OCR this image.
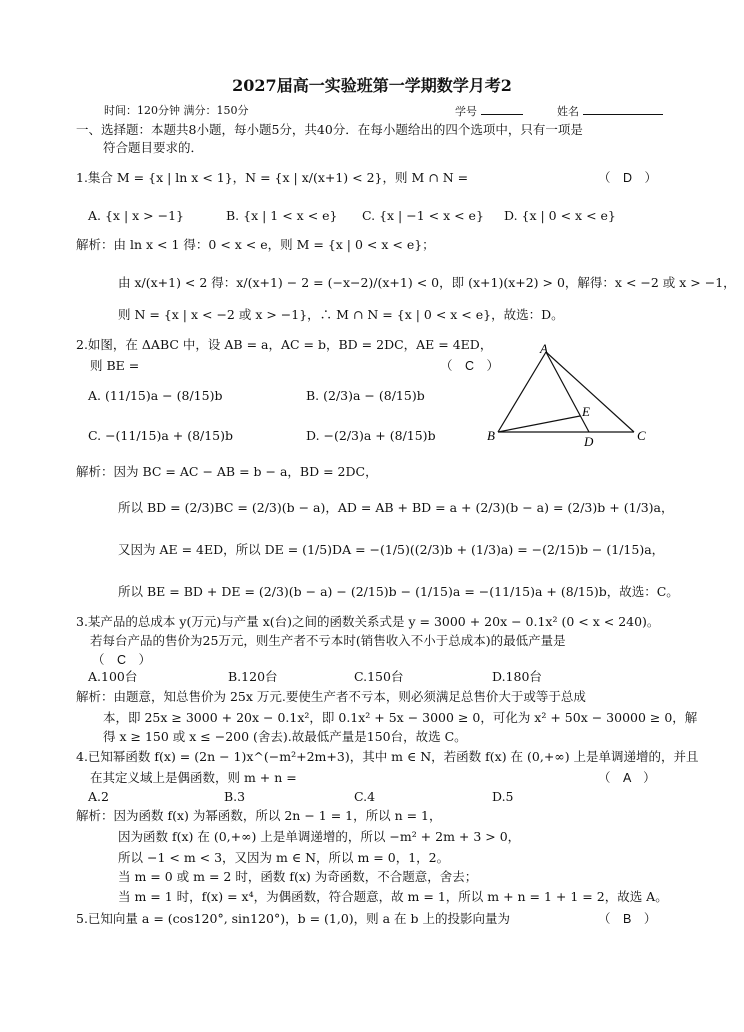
2027届高一实验班第一学期数学月考2
时间：120分钟 满分：150分	学号	姓名
一、选择题：本题共8小题，每小题5分，共40分．在每小题给出的四个选项中，只有一项是
符合题目要求的．
1.集合 M = {x | ln x < 1}，N = {x | x/(x+1) < 2}，则 M ∩ N =	（　D　）
A. {x | x > −1}	B. {x | 1 < x < e} C. {x | −1 < x < e} D. {x | 0 < x < e}
解析：由 ln x < 1 得：0 < x < e，则 M = {x | 0 < x < e}；
由 x/(x+1) < 2 得：x/(x+1) − 2 = (−x−2)/(x+1) < 0，即 (x+1)(x+2) > 0，解得：x < −2 或 x > −1，
则 N = {x | x < −2 或 x > −1}，∴ M ∩ N = {x | 0 < x < e}，故选：D。
2.如图，在 ΔABC 中，设 AB = a，AC = b，BD = 2DC，AE = 4ED，
则 BE =	（　C　）
A. (11/15)a − (8/15)b	B. (2/3)a − (8/15)b
C. −(11/15)a + (8/15)b	D. −(2/3)a + (8/15)b
A
B	C
D
E
解析：因为 BC = AC − AB = b − a，BD = 2DC，
所以 BD = (2/3)BC = (2/3)(b − a)，AD = AB + BD = a + (2/3)(b − a) = (2/3)b + (1/3)a，
又因为 AE = 4ED，所以 DE = (1/5)DA = −(1/5)((2/3)b + (1/3)a) = −(2/15)b − (1/15)a，
所以 BE = BD + DE = (2/3)(b − a) − (2/15)b − (1/15)a = −(11/15)a + (8/15)b，故选：C。
3.某产品的总成本 y(万元)与产量 x(台)之间的函数关系式是 y = 3000 + 20x − 0.1x² (0 < x < 240)。
若每台产品的售价为25万元，则生产者不亏本时(销售收入不小于总成本)的最低产量是
（　C　）
A.100台	B.120台	C.150台	D.180台
解析：由题意，知总售价为 25x 万元.要使生产者不亏本，则必须满足总售价大于或等于总成
本，即 25x ≥ 3000 + 20x − 0.1x²，即 0.1x² + 5x − 3000 ≥ 0，可化为 x² + 50x − 30000 ≥ 0，解
得 x ≥ 150 或 x ≤ −200 (舍去).故最低产量是150台，故选 C。
4.已知幂函数 f(x) = (2n − 1)x^(−m²+2m+3)，其中 m ∈ N，若函数 f(x) 在 (0,+∞) 上是单调递增的，并且
在其定义域上是偶函数，则 m + n =	（　A　）
A.2	B.3	C.4	D.5
解析：因为函数 f(x) 为幂函数，所以 2n − 1 = 1，所以 n = 1，
因为函数 f(x) 在 (0,+∞) 上是单调递增的，所以 −m² + 2m + 3 > 0，
所以 −1 < m < 3，又因为 m ∈ N，所以 m = 0，1，2。
当 m = 0 或 m = 2 时，函数 f(x) 为奇函数，不合题意，舍去；
当 m = 1 时，f(x) = x⁴，为偶函数，符合题意，故 m = 1，所以 m + n = 1 + 1 = 2，故选 A。
5.已知向量 a = (cos120°, sin120°)，b = (1,0)，则 a 在 b 上的投影向量为	（　B　）
